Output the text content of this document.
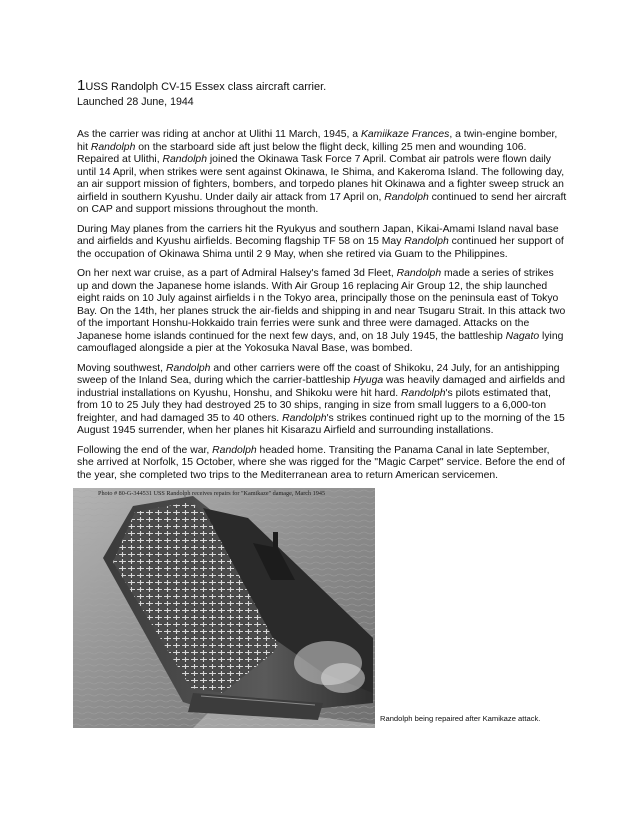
1USS Randolph CV-15 Essex class aircraft carrier.

Launched 28 June, 1944

As the carrier was riding at anchor at Ulithi 11 March, 1945, a Kamiikaze Frances, a twin-engine bomber, hit Randolph on the starboard side aft just below the flight deck, killing 25 men and wounding 106. Repaired at Ulithi, Randolph joined the Okinawa Task Force 7 April. Combat air patrols were flown daily until 14 April, when strikes were sent against Okinawa, Ie Shima, and Kakeroma Island. The following day, an air support mission of fighters, bombers, and torpedo planes hit Okinawa and a fighter sweep struck an airfield in southern Kyushu. Under daily air attack from 17 April on, Randolph continued to send her aircraft on CAP and support missions throughout the month.

During May planes from the carriers hit the Ryukyus and southern Japan, Kikai-Amami Island naval base and airfields and Kyushu airfields. Becoming flagship TF 58 on 15 May Randolph continued her support of the occupation of Okinawa Shima until 2 9 May, when she retired via Guam to the Philippines.

On her next war cruise, as a part of Admiral Halsey's famed 3d Fleet, Randolph made a series of strikes up and down the Japanese home islands. With Air Group 16 replacing Air Group 12, the ship launched eight raids on 10 July against airfields i n the Tokyo area, principally those on the peninsula east of Tokyo Bay. On the 14th, her planes struck the air-fields and shipping in and near Tsugaru Strait. In this attack two of the important Honshu-Hokkaido train ferries were sunk and three were damaged. Attacks on the Japanese home islands continued for the next few days, and, on 18 July 1945, the battleship Nagato lying camouflaged alongside a pier at the Yokosuka Naval Base, was bombed.

Moving southwest, Randolph and other carriers were off the coast of Shikoku, 24 July, for an antishipping sweep of the Inland Sea, during which the carrier-battleship Hyuga was heavily damaged and airfields and industrial installations on Kyushu, Honshu, and Shikoku were hit hard. Randolph's pilots estimated that, from 10 to 25 July they had destroyed 25 to 30 ships, ranging in size from small luggers to a 6,000-ton freighter, and had damaged 35 to 40 others. Randolph's strikes continued right up to the morning of the 15 August 1945 surrender, when her planes hit Kisarazu Airfield and surrounding installations.

Following the end of the war, Randolph headed home. Transiting the Panama Canal in late September, she arrived at Norfolk, 15 October, where she was rigged for the "Magic Carpet" service. Before the end of the year, she completed two trips to the Mediterranean area to return American servicemen.

Photo # 80-G-344531 USS Randolph receives repairs for "Kamikaze" damage, March 1945

Randolph being repaired after Kamikaze attack.
